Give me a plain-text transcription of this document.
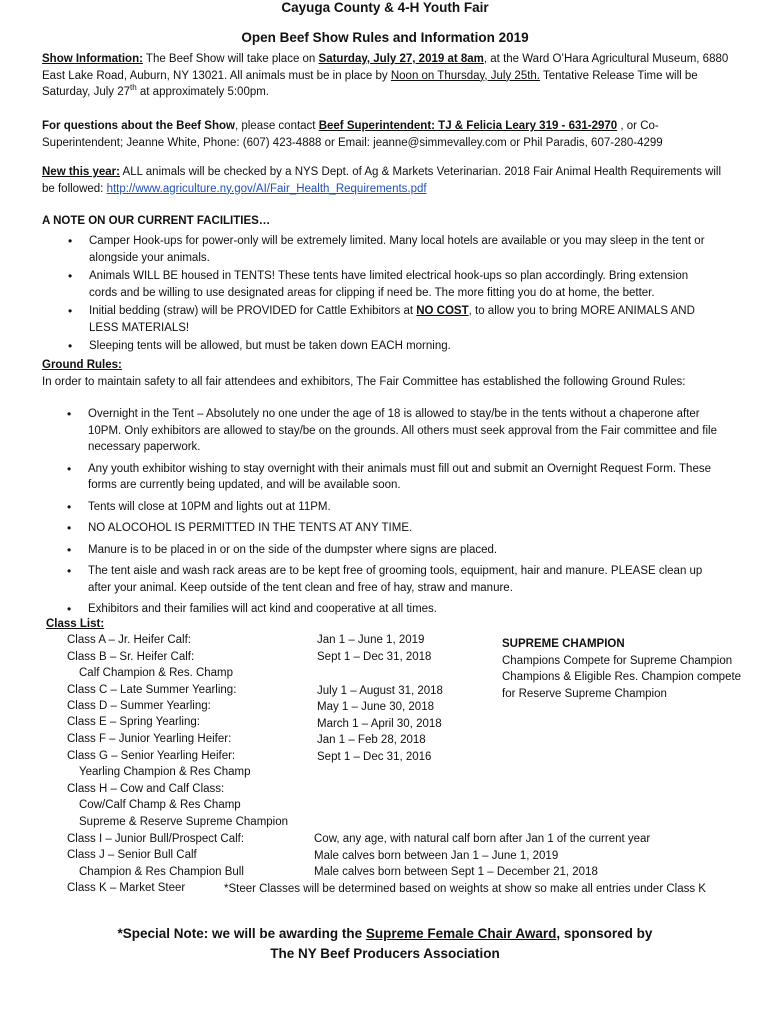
Cayuga County & 4-H Youth Fair
Open Beef Show Rules and Information 2019
Show Information: The Beef Show will take place on Saturday, July 27, 2019 at 8am, at the Ward O’Hara Agricultural Museum, 6880 East Lake Road, Auburn, NY 13021. All animals must be in place by Noon on Thursday, July 25th. Tentative Release Time will be Saturday, July 27th at approximately 5:00pm.
For questions about the Beef Show, please contact Beef Superintendent: TJ & Felicia Leary 319 - 631-2970 , or Co-Superintendent; Jeanne White, Phone: (607) 423-4888 or Email: jeanne@simmevalley.com or Phil Paradis, 607-280-4299
New this year: ALL animals will be checked by a NYS Dept. of Ag & Markets Veterinarian. 2018 Fair Animal Health Requirements will be followed: http://www.agriculture.ny.gov/AI/Fair_Health_Requirements.pdf
A NOTE ON OUR CURRENT FACILITIES…
• Camper Hook-ups for power-only will be extremely limited. Many local hotels are available or you may sleep in the tent or alongside your animals.
• Animals WILL BE housed in TENTS! These tents have limited electrical hook-ups so plan accordingly. Bring extension cords and be willing to use designated areas for clipping if need be. The more fitting you do at home, the better.
• Initial bedding (straw) will be PROVIDED for Cattle Exhibitors at NO COST, to allow you to bring MORE ANIMALS AND LESS MATERIALS!
• Sleeping tents will be allowed, but must be taken down EACH morning.
Ground Rules:
In order to maintain safety to all fair attendees and exhibitors, The Fair Committee has established the following Ground Rules:
• Overnight in the Tent – Absolutely no one under the age of 18 is allowed to stay/be in the tents without a chaperone after 10PM. Only exhibitors are allowed to stay/be on the grounds. All others must seek approval from the Fair committee and file necessary paperwork.
• Any youth exhibitor wishing to stay overnight with their animals must fill out and submit an Overnight Request Form. These forms are currently being updated, and will be available soon.
• Tents will close at 10PM and lights out at 11PM.
• NO ALOCOHOL IS PERMITTED IN THE TENTS AT ANY TIME.
• Manure is to be placed in or on the side of the dumpster where signs are placed.
• The tent aisle and wash rack areas are to be kept free of grooming tools, equipment, hair and manure. PLEASE clean up after your animal. Keep outside of the tent clean and free of hay, straw and manure.
• Exhibitors and their families will act kind and cooperative at all times.
Class List:
Class A – Jr. Heifer Calf:	Jan 1 – June 1, 2019
Class B – Sr. Heifer Calf:	Sept 1 – Dec 31, 2018
Calf Champion & Res. Champ
Class C – Late Summer Yearling:	July 1 – August 31, 2018
Class D – Summer Yearling:	May 1 – June 30, 2018
Class E – Spring Yearling:	March 1 – April 30, 2018
Class F – Junior Yearling Heifer:	Jan 1 – Feb 28, 2018
Class G – Senior Yearling Heifer:	Sept 1 – Dec 31, 2016
Yearling Champion & Res Champ
Class H – Cow and Calf Class:
Cow/Calf Champ & Res Champ
Supreme & Reserve Supreme Champion
Class I – Junior Bull/Prospect Calf:	Cow, any age, with natural calf born after Jan 1 of the current year
Class J – Senior Bull Calf	Male calves born between Jan 1 – June 1, 2019
Champion & Res Champion Bull	Male calves born between Sept 1 – December 21, 2018
Class K – Market Steer	*Steer Classes will be determined based on weights at show so make all entries under Class K
SUPREME CHAMPION
Champions Compete for Supreme Champion
Champions & Eligible Res. Champion compete
for Reserve Supreme Champion
*Special Note: we will be awarding the Supreme Female Chair Award, sponsored by
The NY Beef Producers Association
